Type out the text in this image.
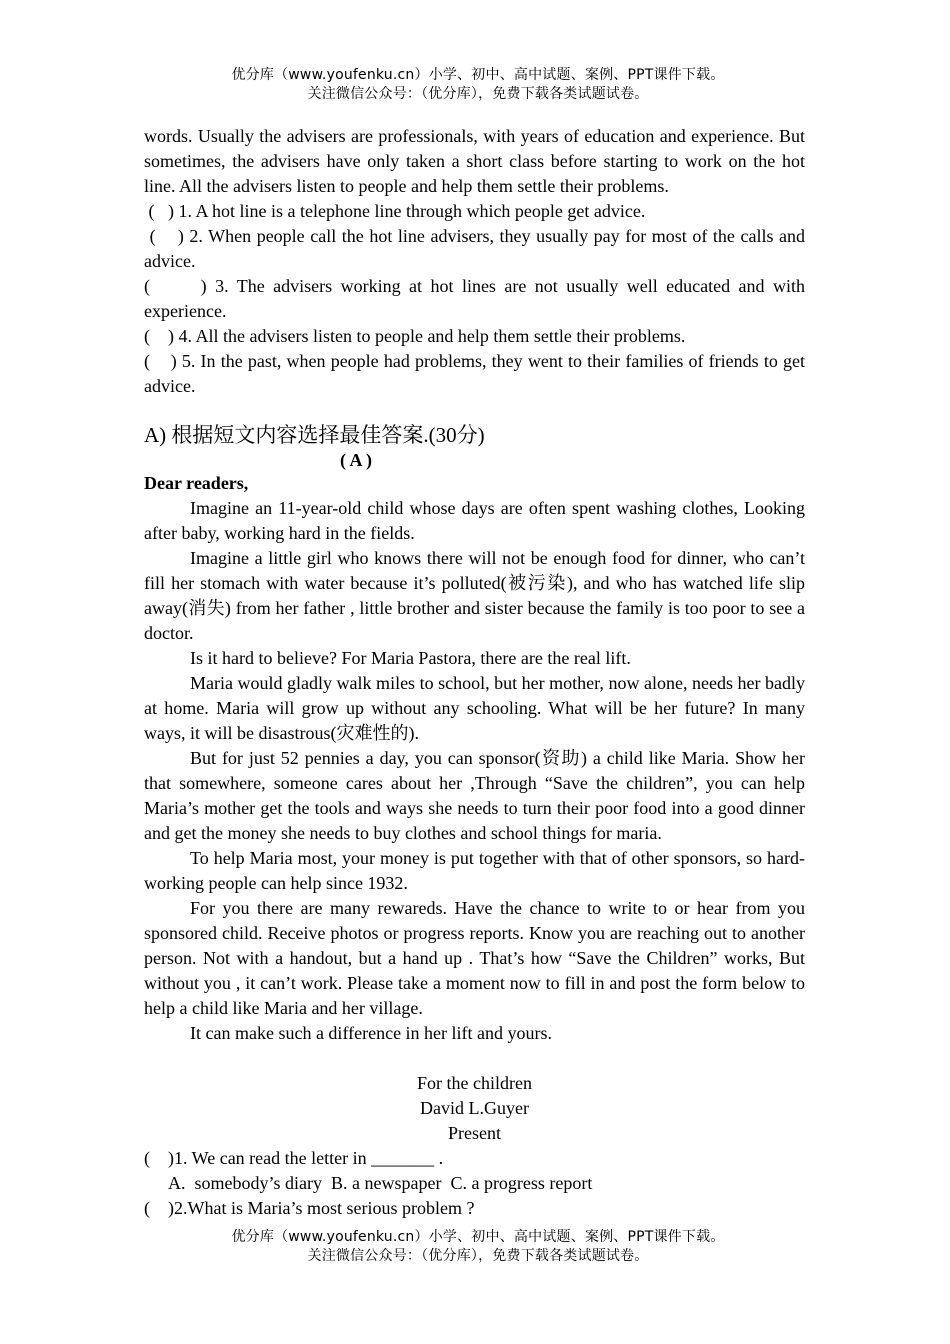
优分库（www.youfenku.cn）小学、初中、高中试题、案例、PPT课件下载。
关注微信公众号：（优分库），免费下载各类试题试卷。

words. Usually the advisers are professionals, with years of education and experience. But sometimes, the advisers have only taken a short class before starting to work on the hot line. All the advisers listen to people and help them settle their problems.

(   ) 1. A hot line is a telephone line through which people get advice.

(    ) 2. When people call the hot line advisers, they usually pay for most of the calls and advice.

(      ) 3. The advisers working at hot lines are not usually well educated and with experience.

(    ) 4. All the advisers listen to people and help them settle their problems.

(    ) 5. In the past, when people had problems, they went to their families of friends to get advice.

A) 根据短文内容选择最佳答案.(30分)

( A )

Dear readers,

Imagine an 11-year-old child whose days are often spent washing clothes, Looking after baby, working hard in the fields.

Imagine a little girl who knows there will not be enough food for dinner, who can’t fill her stomach with water because it’s polluted(被污染), and who has watched life slip away(消失) from her father , little brother and sister because the family is too poor to see a doctor.

Is it hard to believe? For Maria Pastora, there are the real lift.

Maria would gladly walk miles to school, but her mother, now alone, needs her badly at home. Maria will grow up without any schooling. What will be her future? In many ways, it will be disastrous(灾难性的).

But for just 52 pennies a day, you can sponsor(资助) a child like Maria. Show her that somewhere, someone cares about her ,Through “Save the children”, you can help Maria’s mother get the tools and ways she needs to turn their poor food into a good dinner and get the money she needs to buy clothes and school things for maria.

To help Maria most, your money is put together with that of other sponsors, so hard-working people can help since 1932.

For you there are many rewareds. Have the chance to write to or hear from you sponsored child. Receive photos or progress reports. Know you are reaching out to another person. Not with a handout, but a hand up . That’s how “Save the Children” works, But without you , it can’t work. Please take a moment now to fill in and post the form below to help a child like Maria and her village.

It can make such a difference in her lift and yours.

For the children

David L.Guyer

Present

(    )1. We can read the letter in _______ .

A.  somebody’s diary  B. a newspaper  C. a progress report

(    )2.What is Maria’s most serious problem ?

优分库（www.youfenku.cn）小学、初中、高中试题、案例、PPT课件下载。
关注微信公众号：（优分库），免费下载各类试题试卷。
